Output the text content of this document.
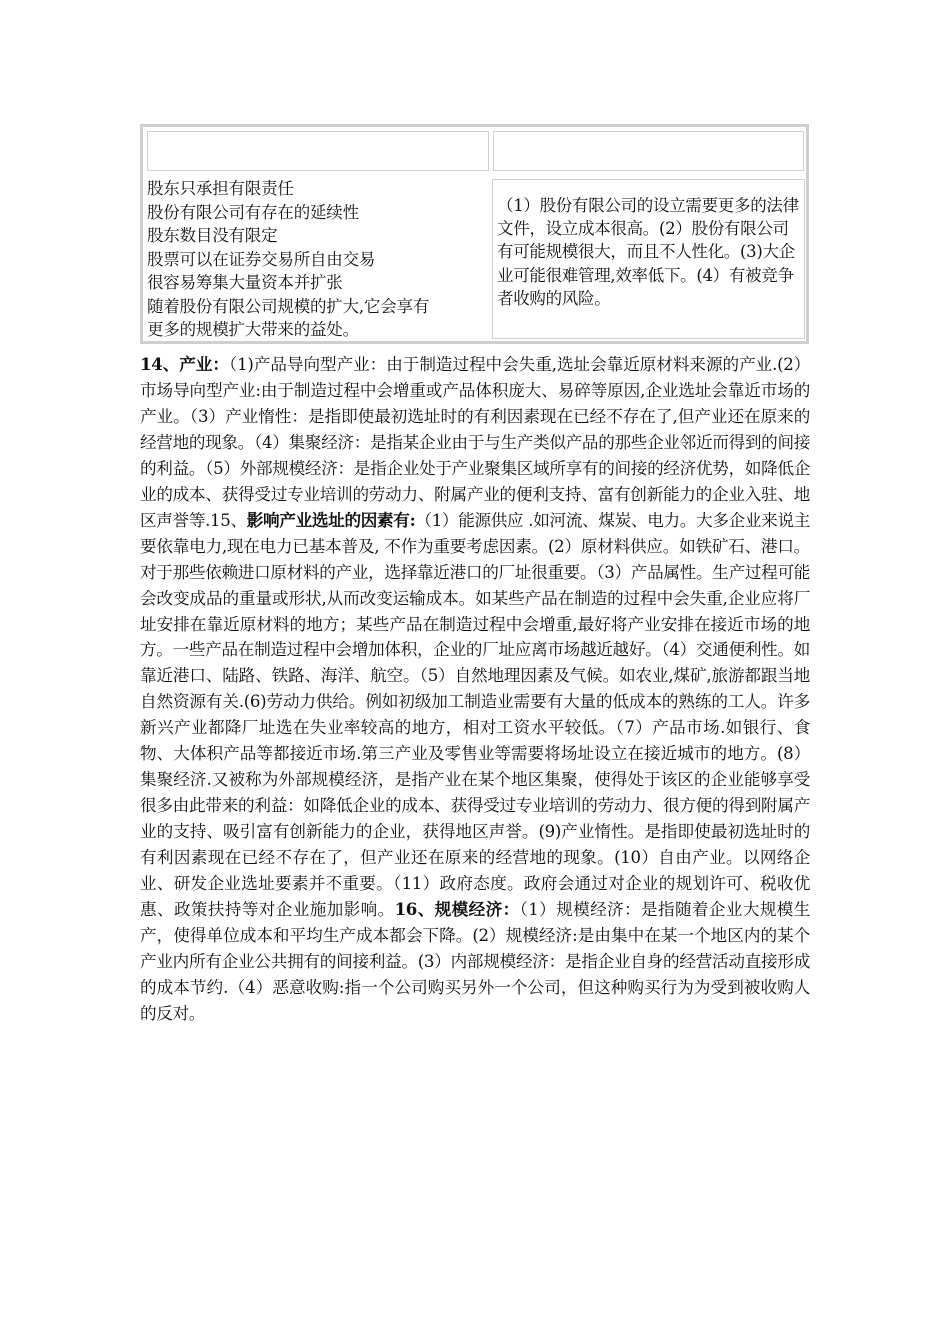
股东只承担有限责任
股份有限公司有存在的延续性
股东数目没有限定
股票可以在证券交易所自由交易
很容易筹集大量资本并扩张
随着股份有限公司规模的扩大,它会享有
更多的规模扩大带来的益处。
（1）股份有限公司的设立需要更多的法律文件，设立成本很高。(2）股份有限公司有可能规模很大，而且不人性化。(3)大企业可能很难管理,效率低下。(4）有被竞争者收购的风险。
14、产业：（1)产品导向型产业：由于制造过程中会失重,选址会靠近原材料来源的产业.(2）市场导向型产业:由于制造过程中会增重或产品体积庞大、易碎等原因,企业选址会靠近市场的产业。（3）产业惰性：是指即使最初选址时的有利因素现在已经不存在了,但产业还在原来的经营地的现象。（4）集聚经济：是指某企业由于与生产类似产品的那些企业邻近而得到的间接的利益。（5）外部规模经济：是指企业处于产业聚集区域所享有的间接的经济优势，如降低企业的成本、获得受过专业培训的劳动力、附属产业的便利支持、富有创新能力的企业入驻、地区声誉等.15、影响产业选址的因素有:（1）能源供应 .如河流、煤炭、电力。大多企业来说主要依靠电力,现在电力已基本普及, 不作为重要考虑因素。(2）原材料供应。如铁矿石、港口。对于那些依赖进口原材料的产业，选择靠近港口的厂址很重要。（3）产品属性。生产过程可能会改变成品的重量或形状,从而改变运输成本。如某些产品在制造的过程中会失重,企业应将厂址安排在靠近原材料的地方；某些产品在制造过程中会增重,最好将产业安排在接近市场的地方。一些产品在制造过程中会增加体积，企业的厂址应离市场越近越好。（4）交通便利性。如靠近港口、陆路、铁路、海洋、航空。（5）自然地理因素及气候。如农业,煤矿,旅游都跟当地自然资源有关.(6)劳动力供给。例如初级加工制造业需要有大量的低成本的熟练的工人。许多新兴产业都降厂址选在失业率较高的地方，相对工资水平较低。（7）产品市场.如银行、食物、大体积产品等都接近市场.第三产业及零售业等需要将场址设立在接近城市的地方。(8）集聚经济.又被称为外部规模经济，是指产业在某个地区集聚，使得处于该区的企业能够享受很多由此带来的利益：如降低企业的成本、获得受过专业培训的劳动力、很方便的得到附属产业的支持、吸引富有创新能力的企业，获得地区声誉。(9)产业惰性。是指即使最初选址时的有利因素现在已经不存在了，但产业还在原来的经营地的现象。(10）自由产业。以网络企业、研发企业选址要素并不重要。（11）政府态度。政府会通过对企业的规划许可、税收优惠、政策扶持等对企业施加影响。16、规模经济：（1）规模经济：是指随着企业大规模生产，使得单位成本和平均生产成本都会下降。(2）规模经济:是由集中在某一个地区内的某个产业内所有企业公共拥有的间接利益。(3）内部规模经济：是指企业自身的经营活动直接形成的成本节约.（4）恶意收购:指一个公司购买另外一个公司，但这种购买行为为受到被收购人的反对。
